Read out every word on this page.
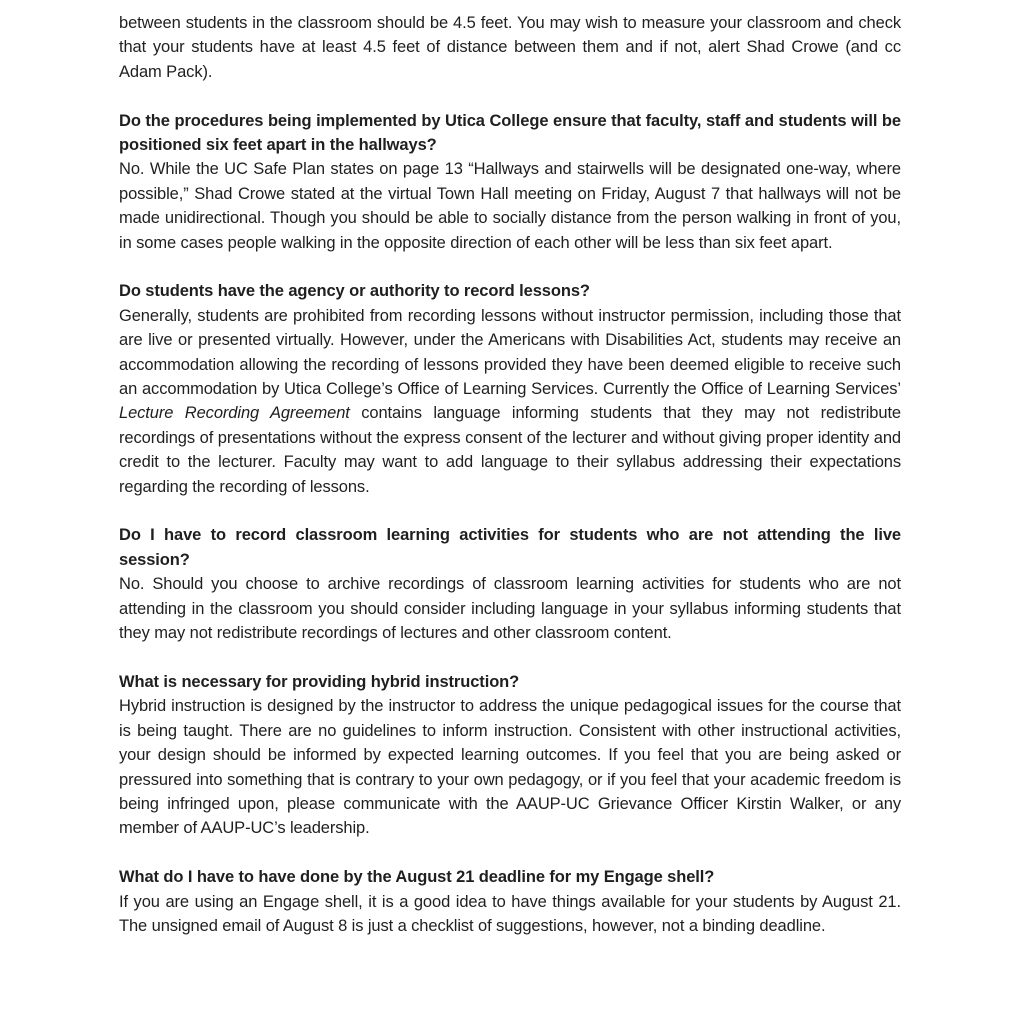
between students in the classroom should be 4.5 feet. You may wish to measure your classroom and check that your students have at least 4.5 feet of distance between them and if not, alert Shad Crowe (and cc Adam Pack).

Do the procedures being implemented by Utica College ensure that faculty, staff and students will be positioned six feet apart in the hallways?

No. While the UC Safe Plan states on page 13 “Hallways and stairwells will be designated one-way, where possible,” Shad Crowe stated at the virtual Town Hall meeting on Friday, August 7 that hallways will not be made unidirectional. Though you should be able to socially distance from the person walking in front of you, in some cases people walking in the opposite direction of each other will be less than six feet apart.

Do students have the agency or authority to record lessons?

Generally, students are prohibited from recording lessons without instructor permission, including those that are live or presented virtually. However, under the Americans with Disabilities Act, students may receive an accommodation allowing the recording of lessons provided they have been deemed eligible to receive such an accommodation by Utica College’s Office of Learning Services. Currently the Office of Learning Services’ Lecture Recording Agreement contains language informing students that they may not redistribute recordings of presentations without the express consent of the lecturer and without giving proper identity and credit to the lecturer. Faculty may want to add language to their syllabus addressing their expectations regarding the recording of lessons.

Do I have to record classroom learning activities for students who are not attending the live session?

No. Should you choose to archive recordings of classroom learning activities for students who are not attending in the classroom you should consider including language in your syllabus informing students that they may not redistribute recordings of lectures and other classroom content.

What is necessary for providing hybrid instruction?

Hybrid instruction is designed by the instructor to address the unique pedagogical issues for the course that is being taught. There are no guidelines to inform instruction. Consistent with other instructional activities, your design should be informed by expected learning outcomes. If you feel that you are being asked or pressured into something that is contrary to your own pedagogy, or if you feel that your academic freedom is being infringed upon, please communicate with the AAUP-UC Grievance Officer Kirstin Walker, or any member of AAUP-UC’s leadership.

What do I have to have done by the August 21 deadline for my Engage shell?

If you are using an Engage shell, it is a good idea to have things available for your students by August 21. The unsigned email of August 8 is just a checklist of suggestions, however, not a binding deadline.
